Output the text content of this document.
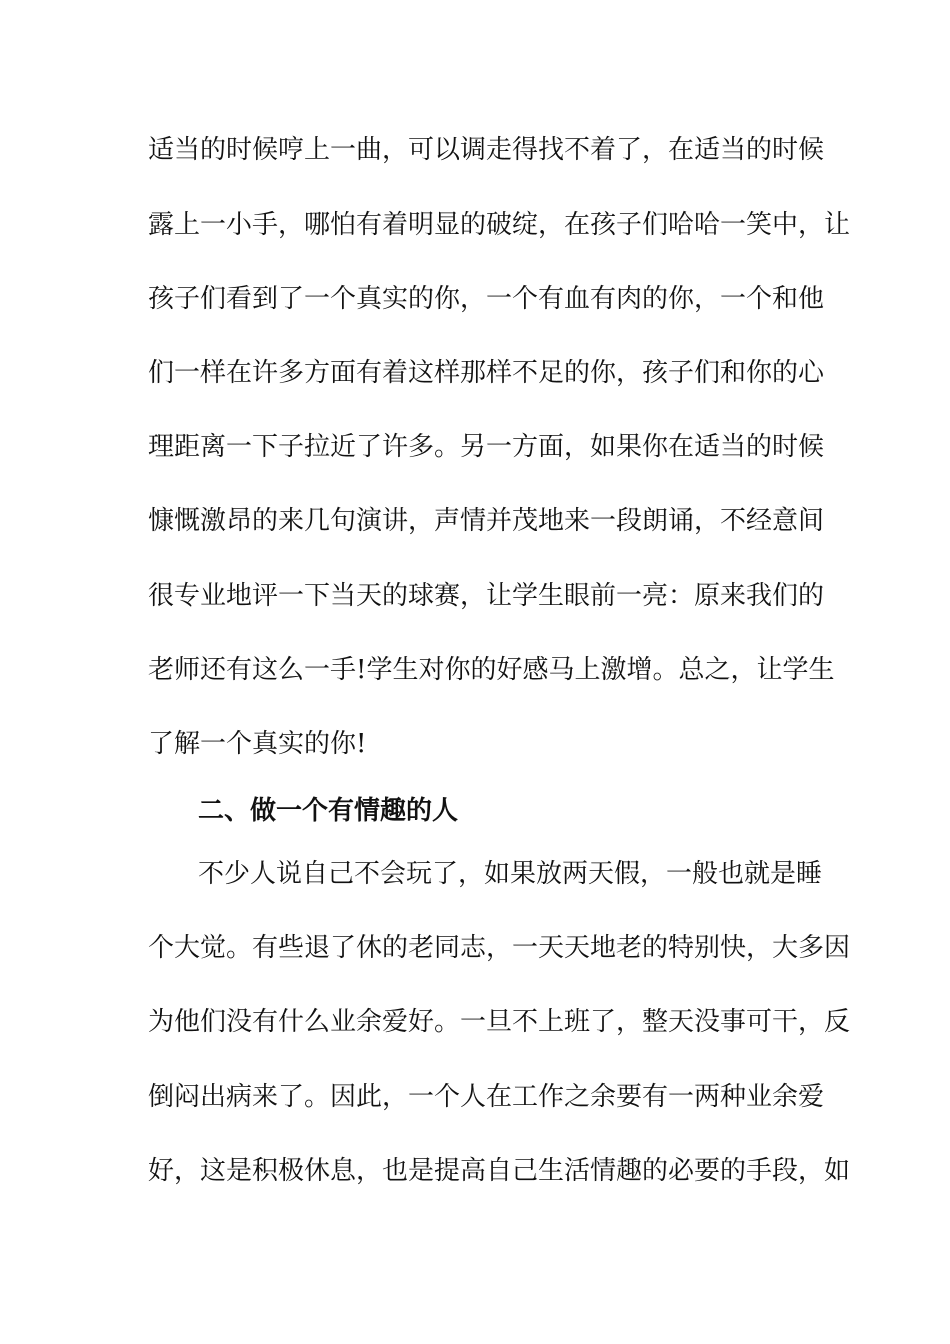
适当的时候哼上一曲，可以调走得找不着了，在适当的时候
露上一小手，哪怕有着明显的破绽，在孩子们哈哈一笑中，让
孩子们看到了一个真实的你，一个有血有肉的你，一个和他
们一样在许多方面有着这样那样不足的你，孩子们和你的心
理距离一下子拉近了许多。另一方面，如果你在适当的时候
慷慨激昂的来几句演讲，声情并茂地来一段朗诵，不经意间
很专业地评一下当天的球赛，让学生眼前一亮：原来我们的
老师还有这么一手!学生对你的好感马上激增。总之，让学生
了解一个真实的你!
二、做一个有情趣的人
不少人说自己不会玩了，如果放两天假，一般也就是睡
个大觉。有些退了休的老同志，一天天地老的特别快，大多因
为他们没有什么业余爱好。一旦不上班了，整天没事可干，反
倒闷出病来了。因此，一个人在工作之余要有一两种业余爱
好，这是积极休息，也是提高自己生活情趣的必要的手段，如
